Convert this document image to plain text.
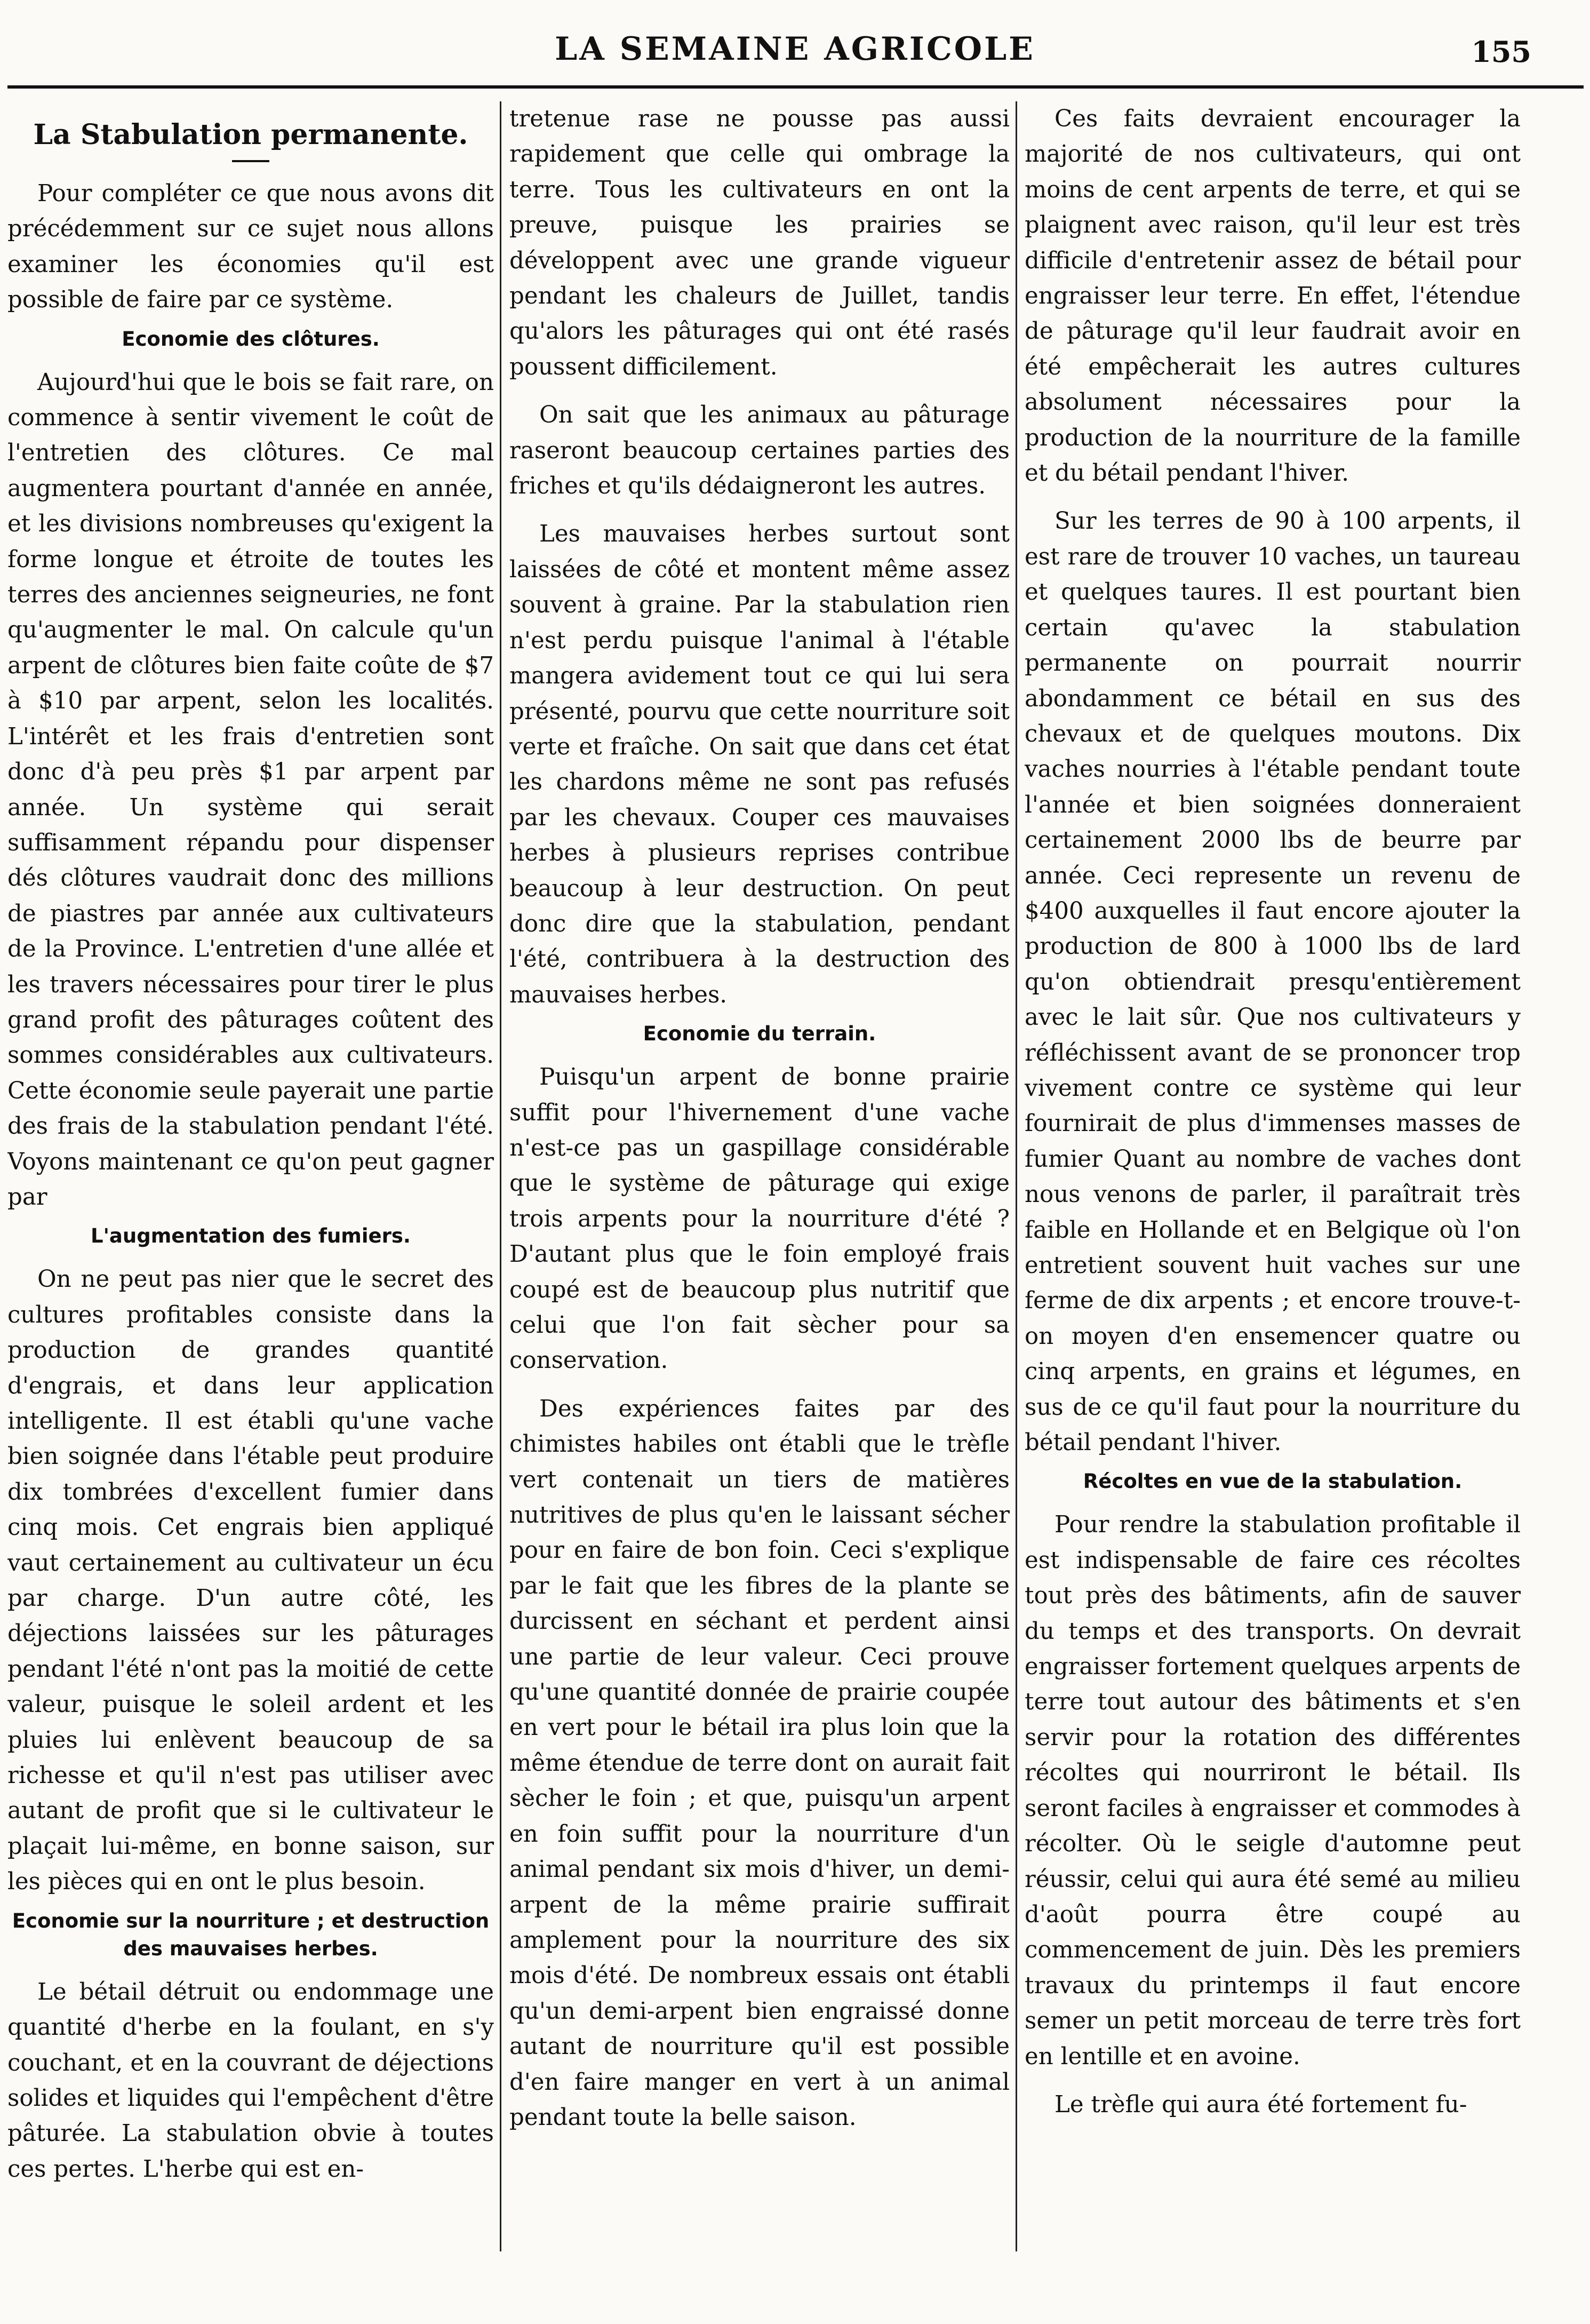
LA SEMAINE AGRICOLE	155
La Stabulation permanente.

Pour compléter ce que nous avons dit précédemment sur ce sujet nous allons examiner les économies qu'il est possible de faire par ce système.

Economie des clôtures.

Aujourd'hui que le bois se fait rare, on commence à sentir vivement le coût de l'entretien des clôtures. Ce mal augmentera pourtant d'année en année, et les divisions nombreuses qu'exigent la forme longue et étroite de toutes les terres des anciennes seigneuries, ne font qu'augmenter le mal. On calcule qu'un arpent de clôtures bien faite coûte de $7 à $10 par arpent, selon les localités. L'intérêt et les frais d'entretien sont donc d'à peu près $1 par arpent par année. Un système qui serait suffisamment répandu pour dispenser dés clôtures vaudrait donc des millions de piastres par année aux cultivateurs de la Province. L'entretien d'une allée et les travers nécessaires pour tirer le plus grand profit des pâturages coûtent des sommes considérables aux cultivateurs. Cette économie seule payerait une partie des frais de la stabulation pendant l'été. Voyons maintenant ce qu'on peut gagner par

L'augmentation des fumiers.

On ne peut pas nier que le secret des cultures profitables consiste dans la production de grandes quantité d'engrais, et dans leur application intelligente. Il est établi qu'une vache bien soignée dans l'étable peut produire dix tombrées d'excellent fumier dans cinq mois. Cet engrais bien appliqué vaut certainement au cultivateur un écu par charge. D'un autre côté, les déjections laissées sur les pâturages pendant l'été n'ont pas la moitié de cette valeur, puisque le soleil ardent et les pluies lui enlèvent beaucoup de sa richesse et qu'il n'est pas utiliser avec autant de profit que si le cultivateur le plaçait lui-même, en bonne saison, sur les pièces qui en ont le plus besoin.

Economie sur la nourriture ; et destruction des mauvaises herbes.

Le bétail détruit ou endommage une quantité d'herbe en la foulant, en s'y couchant, et en la couvrant de déjections solides et liquides qui l'empêchent d'être pâturée. La stabulation obvie à toutes ces pertes. L'herbe qui est en-

tretenue rase ne pousse pas aussi rapidement que celle qui ombrage la terre. Tous les cultivateurs en ont la preuve, puisque les prairies se développent avec une grande vigueur pendant les chaleurs de Juillet, tandis qu'alors les pâturages qui ont été rasés poussent difficilement.

On sait que les animaux au pâturage raseront beaucoup certaines parties des friches et qu'ils dédaigneront les autres.

Les mauvaises herbes surtout sont laissées de côté et montent même assez souvent à graine. Par la stabulation rien n'est perdu puisque l'animal à l'étable mangera avidement tout ce qui lui sera présenté, pourvu que cette nourriture soit verte et fraîche. On sait que dans cet état les chardons même ne sont pas refusés par les chevaux. Couper ces mauvaises herbes à plusieurs reprises contribue beaucoup à leur destruction. On peut donc dire que la stabulation, pendant l'été, contribuera à la destruction des mauvaises herbes.

Economie du terrain.

Puisqu'un arpent de bonne prairie suffit pour l'hivernement d'une vache n'est-ce pas un gaspillage considérable que le système de pâturage qui exige trois arpents pour la nourriture d'été ? D'autant plus que le foin employé frais coupé est de beaucoup plus nutritif que celui que l'on fait sècher pour sa conservation.

Des expériences faites par des chimistes habiles ont établi que le trèfle vert contenait un tiers de matières nutritives de plus qu'en le laissant sécher pour en faire de bon foin. Ceci s'explique par le fait que les fibres de la plante se durcissent en séchant et perdent ainsi une partie de leur valeur. Ceci prouve qu'une quantité donnée de prairie coupée en vert pour le bétail ira plus loin que la même étendue de terre dont on aurait fait sècher le foin ; et que, puisqu'un arpent en foin suffit pour la nourriture d'un animal pendant six mois d'hiver, un demi-arpent de la même prairie suffirait amplement pour la nourriture des six mois d'été. De nombreux essais ont établi qu'un demi-arpent bien engraissé donne autant de nourriture qu'il est possible d'en faire manger en vert à un animal pendant toute la belle saison.

Ces faits devraient encourager la majorité de nos cultivateurs, qui ont moins de cent arpents de terre, et qui se plaignent avec raison, qu'il leur est très difficile d'entretenir assez de bétail pour engraisser leur terre. En effet, l'étendue de pâturage qu'il leur faudrait avoir en été empêcherait les autres cultures absolument nécessaires pour la production de la nourriture de la famille et du bétail pendant l'hiver.

Sur les terres de 90 à 100 arpents, il est rare de trouver 10 vaches, un taureau et quelques taures. Il est pourtant bien certain qu'avec la stabulation permanente on pourrait nourrir abondamment ce bétail en sus des chevaux et de quelques moutons. Dix vaches nourries à l'étable pendant toute l'année et bien soignées donneraient certainement 2000 lbs de beurre par année. Ceci represente un revenu de $400 auxquelles il faut encore ajouter la production de 800 à 1000 lbs de lard qu'on obtiendrait presqu'entièrement avec le lait sûr. Que nos cultivateurs y réfléchissent avant de se prononcer trop vivement contre ce système qui leur fournirait de plus d'immenses masses de fumier Quant au nombre de vaches dont nous venons de parler, il paraîtrait très faible en Hollande et en Belgique où l'on entretient souvent huit vaches sur une ferme de dix arpents ; et encore trouve-t-on moyen d'en ensemencer quatre ou cinq arpents, en grains et légumes, en sus de ce qu'il faut pour la nourriture du bétail pendant l'hiver.

Récoltes en vue de la stabulation.

Pour rendre la stabulation profitable il est indispensable de faire ces récoltes tout près des bâtiments, afin de sauver du temps et des transports. On devrait engraisser fortement quelques arpents de terre tout autour des bâtiments et s'en servir pour la rotation des différentes récoltes qui nourriront le bétail. Ils seront faciles à engraisser et commodes à récolter. Où le seigle d'automne peut réussir, celui qui aura été semé au milieu d'août pourra être coupé au commencement de juin. Dès les premiers travaux du printemps il faut encore semer un petit morceau de terre très fort en lentille et en avoine.

Le trèfle qui aura été fortement fu-
